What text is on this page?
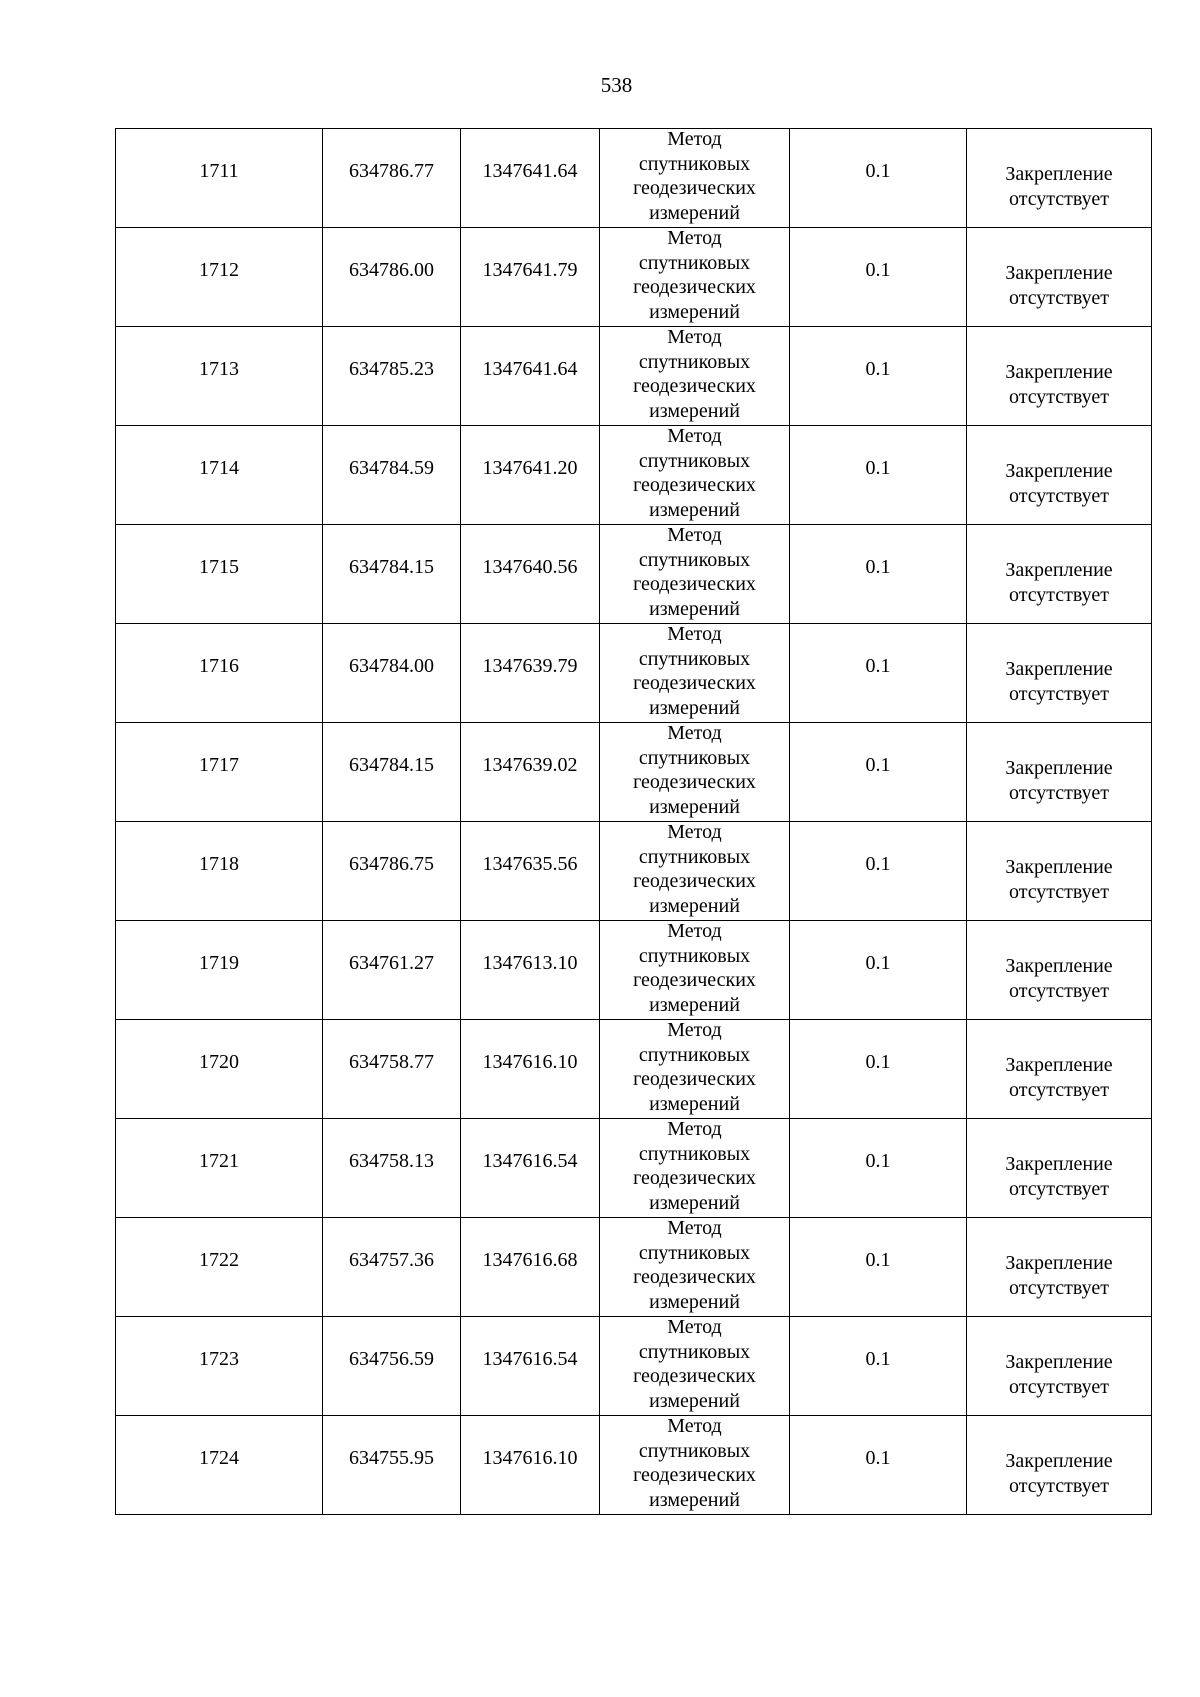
538
1711	634786.77	1347641.64	Метод
спутниковых
геодезических
измерений	0.1	Закрепление
отсутствует

1712	634786.00	1347641.79	Метод
спутниковых
геодезических
измерений	0.1	Закрепление
отсутствует

1713	634785.23	1347641.64	Метод
спутниковых
геодезических
измерений	0.1	Закрепление
отсутствует

1714	634784.59	1347641.20	Метод
спутниковых
геодезических
измерений	0.1	Закрепление
отсутствует

1715	634784.15	1347640.56	Метод
спутниковых
геодезических
измерений	0.1	Закрепление
отсутствует

1716	634784.00	1347639.79	Метод
спутниковых
геодезических
измерений	0.1	Закрепление
отсутствует

1717	634784.15	1347639.02	Метод
спутниковых
геодезических
измерений	0.1	Закрепление
отсутствует

1718	634786.75	1347635.56	Метод
спутниковых
геодезических
измерений	0.1	Закрепление
отсутствует

1719	634761.27	1347613.10	Метод
спутниковых
геодезических
измерений	0.1	Закрепление
отсутствует

1720	634758.77	1347616.10	Метод
спутниковых
геодезических
измерений	0.1	Закрепление
отсутствует

1721	634758.13	1347616.54	Метод
спутниковых
геодезических
измерений	0.1	Закрепление
отсутствует

1722	634757.36	1347616.68	Метод
спутниковых
геодезических
измерений	0.1	Закрепление
отсутствует

1723	634756.59	1347616.54	Метод
спутниковых
геодезических
измерений	0.1	Закрепление
отсутствует

1724	634755.95	1347616.10	Метод
спутниковых
геодезических
измерений	0.1	Закрепление
отсутствует
